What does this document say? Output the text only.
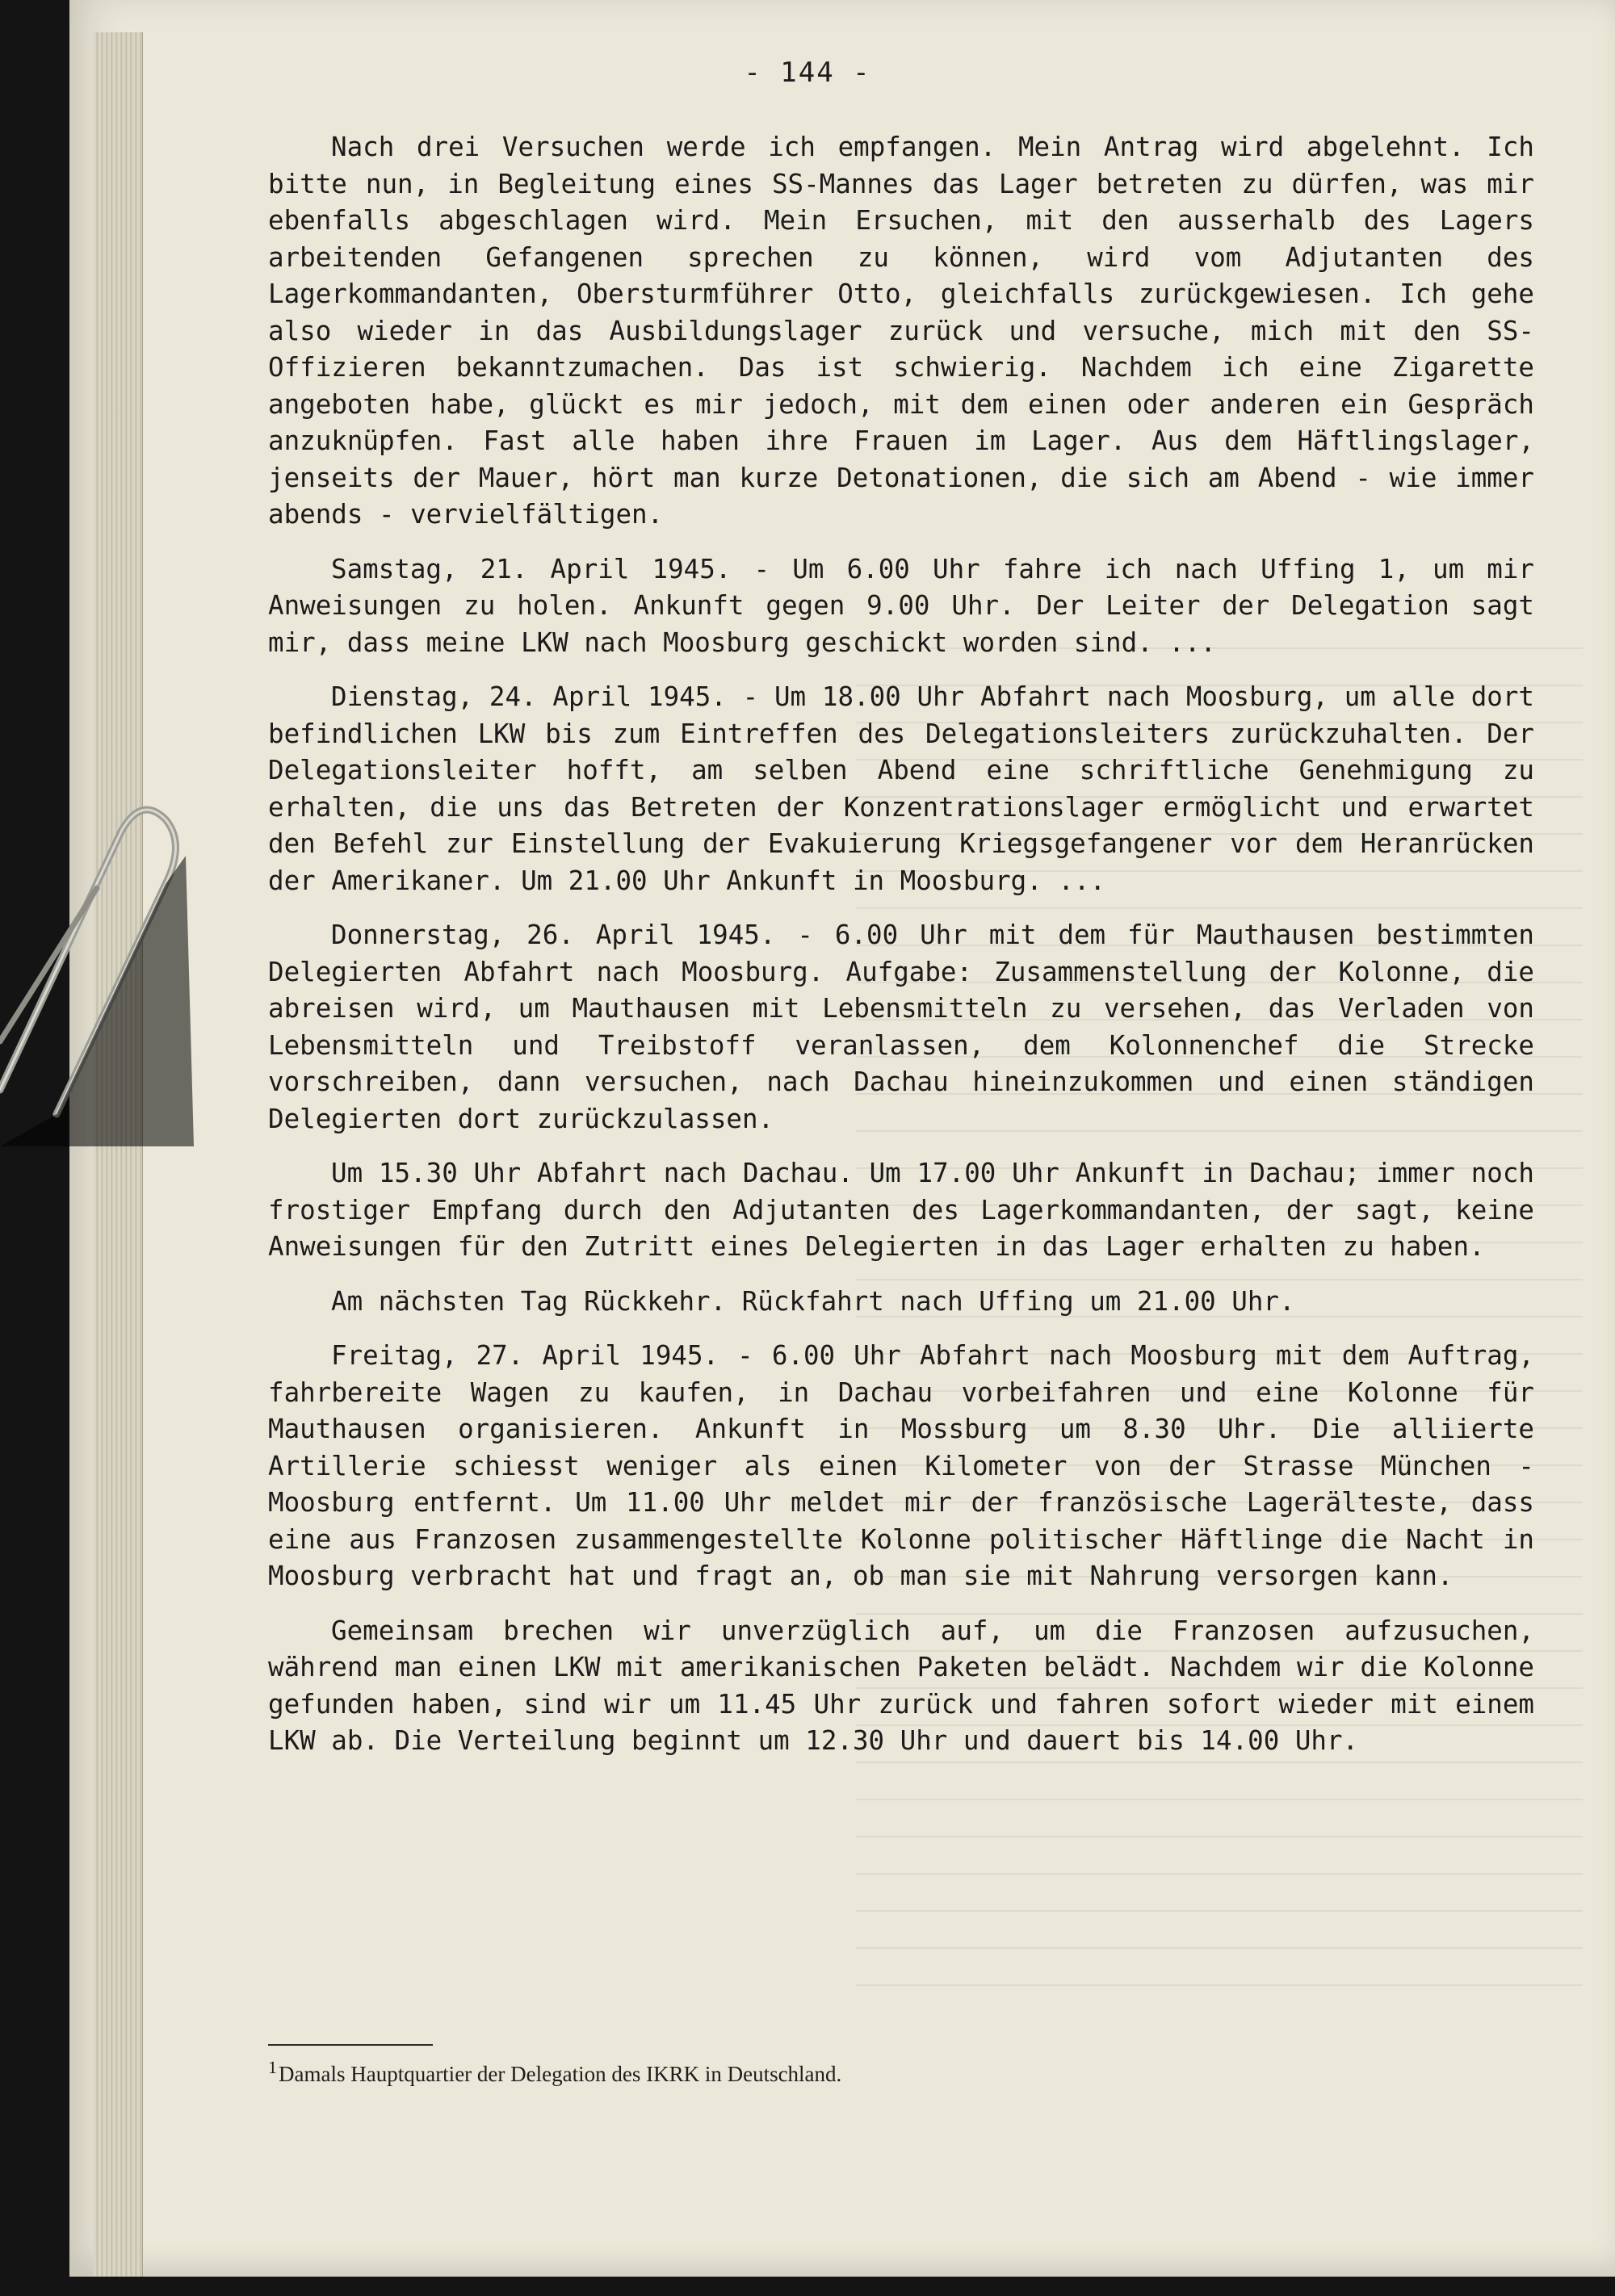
- 144 -

Nach drei Versuchen werde ich empfangen. Mein Antrag wird abgelehnt. Ich bitte nun, in Begleitung eines SS-Mannes das Lager betreten zu dürfen, was mir ebenfalls abgeschlagen wird. Mein Ersuchen, mit den ausserhalb des Lagers arbeitenden Gefangenen sprechen zu können, wird vom Adjutanten des Lagerkommandanten, Obersturmführer Otto, gleichfalls zurückgewiesen. Ich gehe also wieder in das Ausbildungslager zurück und versuche, mich mit den SS-Offizieren bekanntzumachen. Das ist schwierig. Nachdem ich eine Zigarette angeboten habe, glückt es mir jedoch, mit dem einen oder anderen ein Gespräch anzuknüpfen. Fast alle haben ihre Frauen im Lager. Aus dem Häftlingslager, jenseits der Mauer, hört man kurze Detonationen, die sich am Abend - wie immer abends - vervielfältigen.

Samstag, 21. April 1945. - Um 6.00 Uhr fahre ich nach Uffing 1, um mir Anweisungen zu holen. Ankunft gegen 9.00 Uhr. Der Leiter der Delegation sagt mir, dass meine LKW nach Moosburg geschickt worden sind. ...

Dienstag, 24. April 1945. - Um 18.00 Uhr Abfahrt nach Moosburg, um alle dort befindlichen LKW bis zum Eintreffen des Delegationsleiters zurückzuhalten. Der Delegationsleiter hofft, am selben Abend eine schriftliche Genehmigung zu erhalten, die uns das Betreten der Konzentrationslager ermöglicht und erwartet den Befehl zur Einstellung der Evakuierung Kriegsgefangener vor dem Heranrücken der Amerikaner. Um 21.00 Uhr Ankunft in Moosburg. ...

Donnerstag, 26. April 1945. - 6.00 Uhr mit dem für Mauthausen bestimmten Delegierten Abfahrt nach Moosburg. Aufgabe: Zusammenstellung der Kolonne, die abreisen wird, um Mauthausen mit Lebensmitteln zu versehen, das Verladen von Lebensmitteln und Treibstoff veranlassen, dem Kolonnenchef die Strecke vorschreiben, dann versuchen, nach Dachau hineinzukommen und einen ständigen Delegierten dort zurückzulassen.

Um 15.30 Uhr Abfahrt nach Dachau. Um 17.00 Uhr Ankunft in Dachau; immer noch frostiger Empfang durch den Adjutanten des Lagerkommandanten, der sagt, keine Anweisungen für den Zutritt eines Delegierten in das Lager erhalten zu haben.

Am nächsten Tag Rückkehr. Rückfahrt nach Uffing um 21.00 Uhr.

Freitag, 27. April 1945. - 6.00 Uhr Abfahrt nach Moosburg mit dem Auftrag, fahrbereite Wagen zu kaufen, in Dachau vorbeifahren und eine Kolonne für Mauthausen organisieren. Ankunft in Mossburg um 8.30 Uhr. Die alliierte Artillerie schiesst weniger als einen Kilometer von der Strasse München - Moosburg entfernt. Um 11.00 Uhr meldet mir der französische Lagerälteste, dass eine aus Franzosen zusammengestellte Kolonne politischer Häftlinge die Nacht in Moosburg verbracht hat und fragt an, ob man sie mit Nahrung versorgen kann.

Gemeinsam brechen wir unverzüglich auf, um die Franzosen aufzusuchen, während man einen LKW mit amerikanischen Paketen belädt. Nachdem wir die Kolonne gefunden haben, sind wir um 11.45 Uhr zurück und fahren sofort wieder mit einem LKW ab. Die Verteilung beginnt um 12.30 Uhr und dauert bis 14.00 Uhr.

$^1$Damals Hauptquartier der Delegation des IKRK in Deutschland.
